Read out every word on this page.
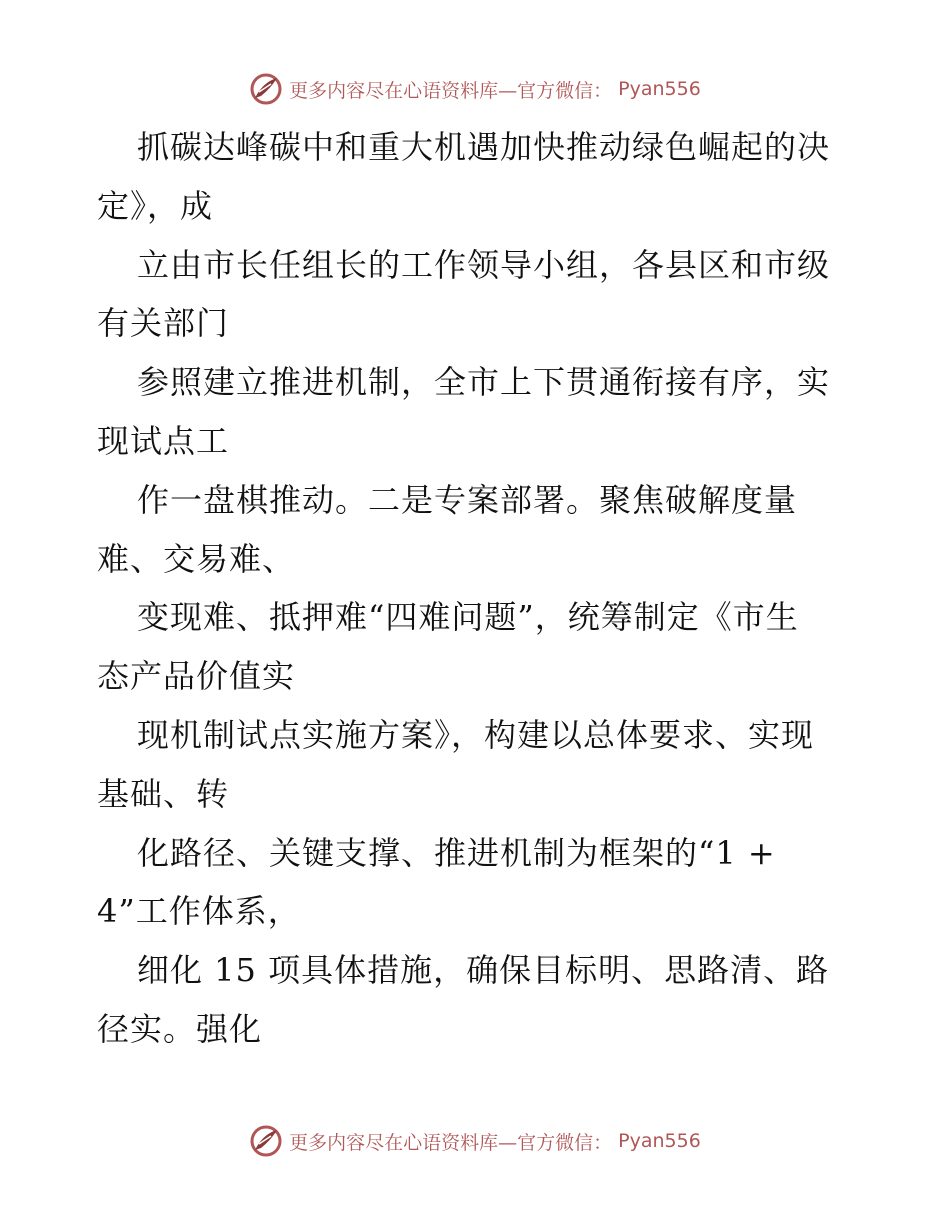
更多内容尽在心语资料库—官方微信： Pyan556
抓碳达峰碳中和重大机遇加快推动绿色崛起的决
定》，成
立由市长任组长的工作领导小组，各县区和市级
有关部门
参照建立推进机制，全市上下贯通衔接有序，实
现试点工
作一盘棋推动。二是专案部署。聚焦破解度量
难、交易难、
变现难、抵押难“四难问题”，统筹制定《市生
态产品价值实
现机制试点实施方案》，构建以总体要求、实现
基础、转
化路径、关键支撑、推进机制为框架的“1 +
4”工作体系，
细化 15 项具体措施，确保目标明、思路清、路
径实。强化
更多内容尽在心语资料库—官方微信： Pyan556
